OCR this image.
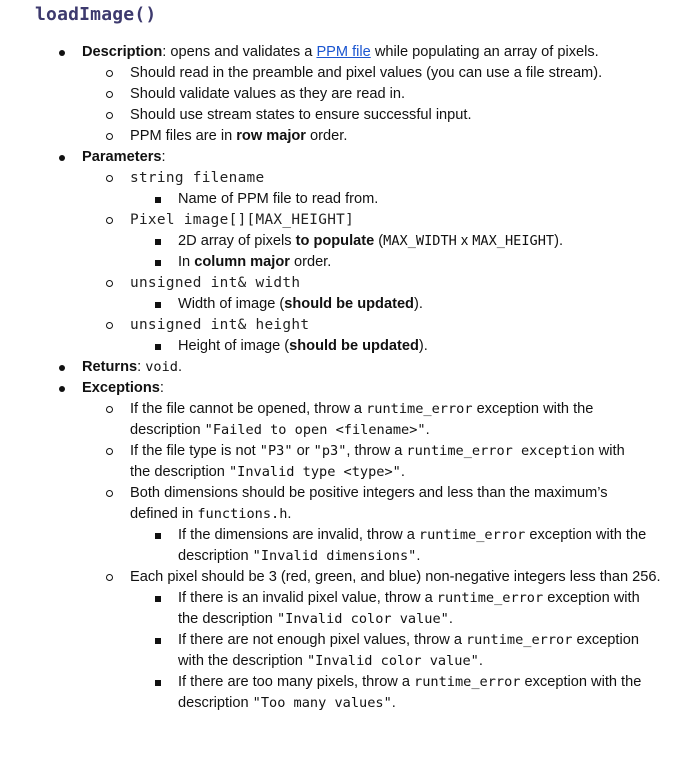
loadImage()
Description: opens and validates a PPM file while populating an array of pixels.
Should read in the preamble and pixel values (you can use a file stream).
Should validate values as they are read in.
Should use stream states to ensure successful input.
PPM files are in row major order.
Parameters:
string filename
Name of PPM file to read from.
Pixel image[][MAX_HEIGHT]
2D array of pixels to populate (MAX_WIDTH x MAX_HEIGHT).
In column major order.
unsigned int& width
Width of image (should be updated).
unsigned int& height
Height of image (should be updated).
Returns: void.
Exceptions:
If the file cannot be opened, throw a runtime_error exception with the
description "Failed to open <filename>".
If the file type is not "P3" or "p3", throw a runtime_error exception with
the description "Invalid type <type>".
Both dimensions should be positive integers and less than the maximum’s
defined in functions.h.
If the dimensions are invalid, throw a runtime_error exception with the
description "Invalid dimensions".
Each pixel should be 3 (red, green, and blue) non-negative integers less than 256.
If there is an invalid pixel value, throw a runtime_error exception with
the description "Invalid color value".
If there are not enough pixel values, throw a runtime_error exception
with the description "Invalid color value".
If there are too many pixels, throw a runtime_error exception with the
description "Too many values".
